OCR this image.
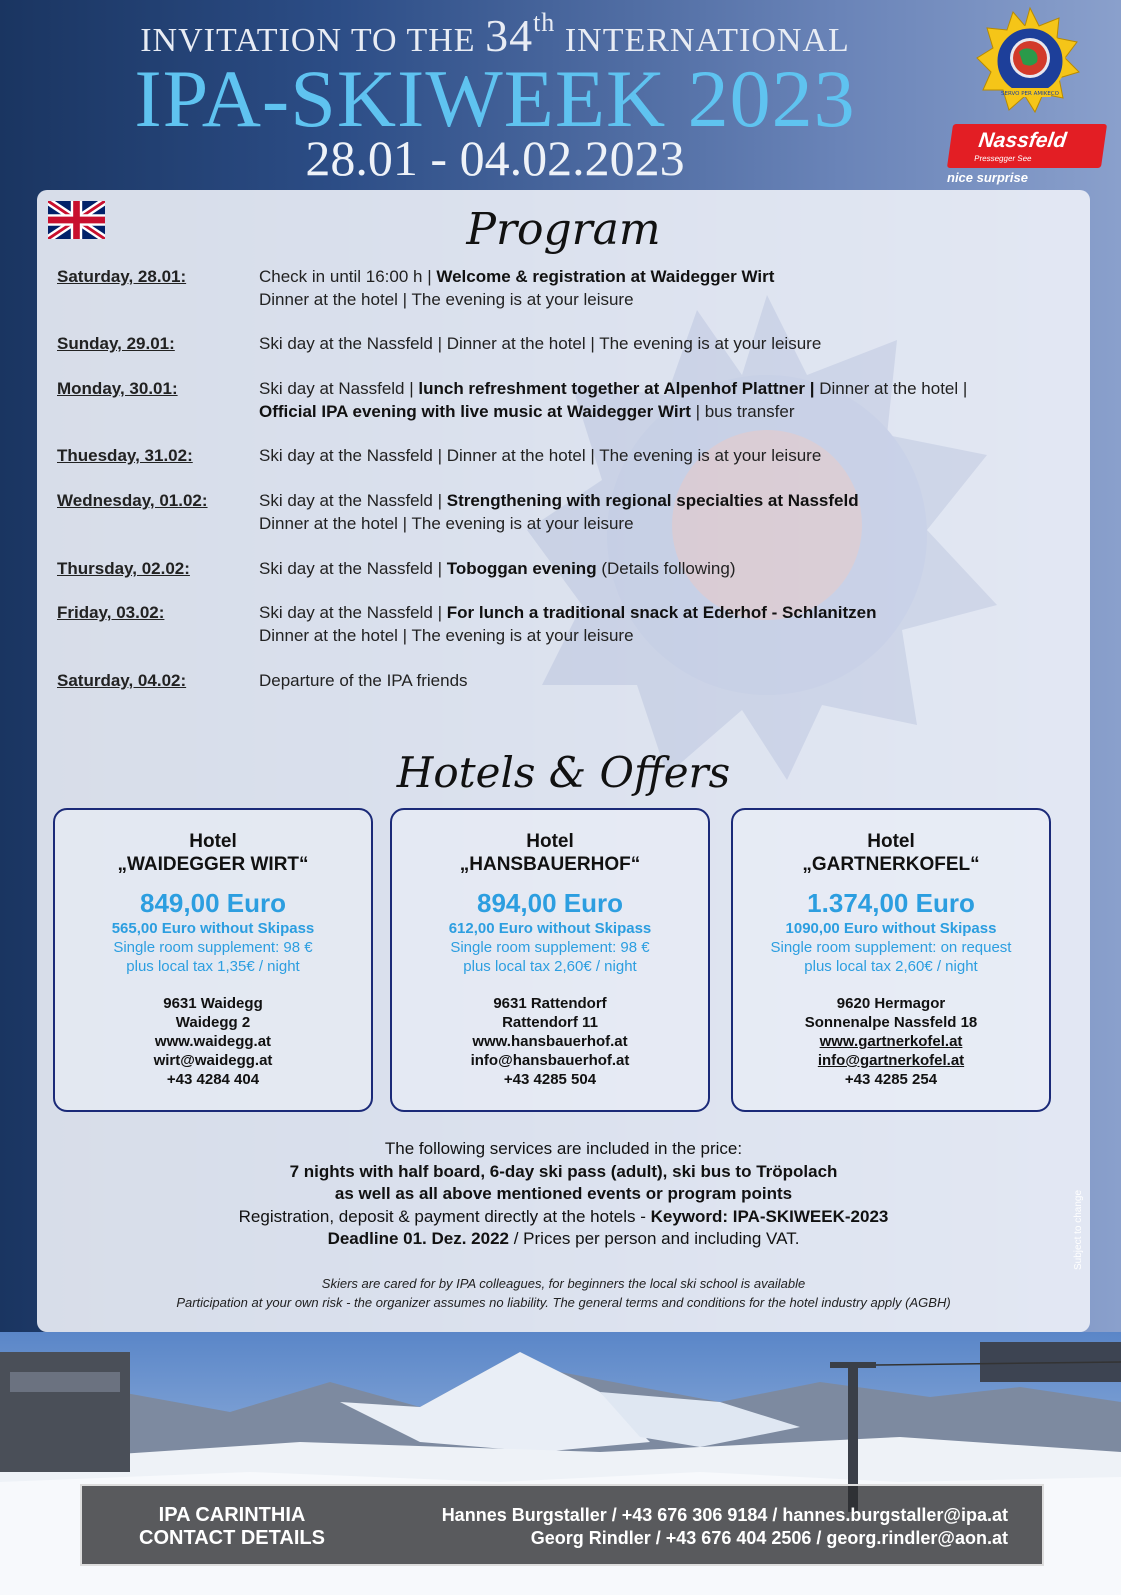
INVITATION TO THE 34th INTERNATIONAL
IPA-SKIWEEK 2023
28.01 - 04.02.2023
SERVO PER AMIKECO
Nassfeld
Pressegger See
nice surprise
Program
Saturday, 28.01:	Check in until 16:00 h | Welcome & registration at Waidegger Wirt
Dinner at the hotel | The evening is at your leisure
Sunday, 29.01:	Ski day at the Nassfeld | Dinner at the hotel | The evening is at your leisure
Monday, 30.01:	Ski day at Nassfeld | lunch refreshment together at Alpenhof Plattner | Dinner at the hotel |
Official IPA evening with live music at Waidegger Wirt | bus transfer
Thuesday, 31.02:	Ski day at the Nassfeld | Dinner at the hotel | The evening is at your leisure
Wednesday, 01.02:	Ski day at the Nassfeld | Strengthening with regional specialties at Nassfeld
Dinner at the hotel | The evening is at your leisure
Thursday, 02.02:	Ski day at the Nassfeld | Toboggan evening (Details following)
Friday, 03.02:	Ski day at the Nassfeld | For lunch a traditional snack at Ederhof - Schlanitzen
Dinner at the hotel | The evening is at your leisure
Saturday, 04.02:	Departure of the IPA friends
Hotels & Offers
Hotel
„WAIDEGGER WIRT“
849,00 Euro
565,00 Euro without Skipass
Single room supplement: 98 €
plus local tax 1,35€ / night
9631 Waidegg
Waidegg 2
www.waidegg.at
wirt@waidegg.at
+43 4284 404
Hotel
„HANSBAUERHOF“
894,00 Euro
612,00 Euro without Skipass
Single room supplement: 98 €
plus local tax 2,60€ / night
9631 Rattendorf
Rattendorf 11
www.hansbauerhof.at
info@hansbauerhof.at
+43 4285 504
Hotel
„GARTNERKOFEL“
1.374,00 Euro
1090,00 Euro without Skipass
Single room supplement: on request
plus local tax 2,60€ / night
9620 Hermagor
Sonnenalpe Nassfeld 18
www.gartnerkofel.at
info@gartnerkofel.at
+43 4285 254
The following services are included in the price:
7 nights with half board, 6-day ski pass (adult), ski bus to Tröpolach
as well as all above mentioned events or program points
Registration, deposit & payment directly at the hotels - Keyword: IPA-SKIWEEK-2023
Deadline 01. Dez. 2022 / Prices per person and including VAT.
Skiers are cared for by IPA colleagues, for beginners the local ski school is available
Participation at your own risk - the organizer assumes no liability. The general terms and conditions for the hotel industry apply (AGBH)
Subject to change
IPA CARINTHIA
CONTACT DETAILS
Hannes Burgstaller / +43 676 306 9184 / hannes.burgstaller@ipa.at
Georg Rindler / +43 676 404 2506 / georg.rindler@aon.at
